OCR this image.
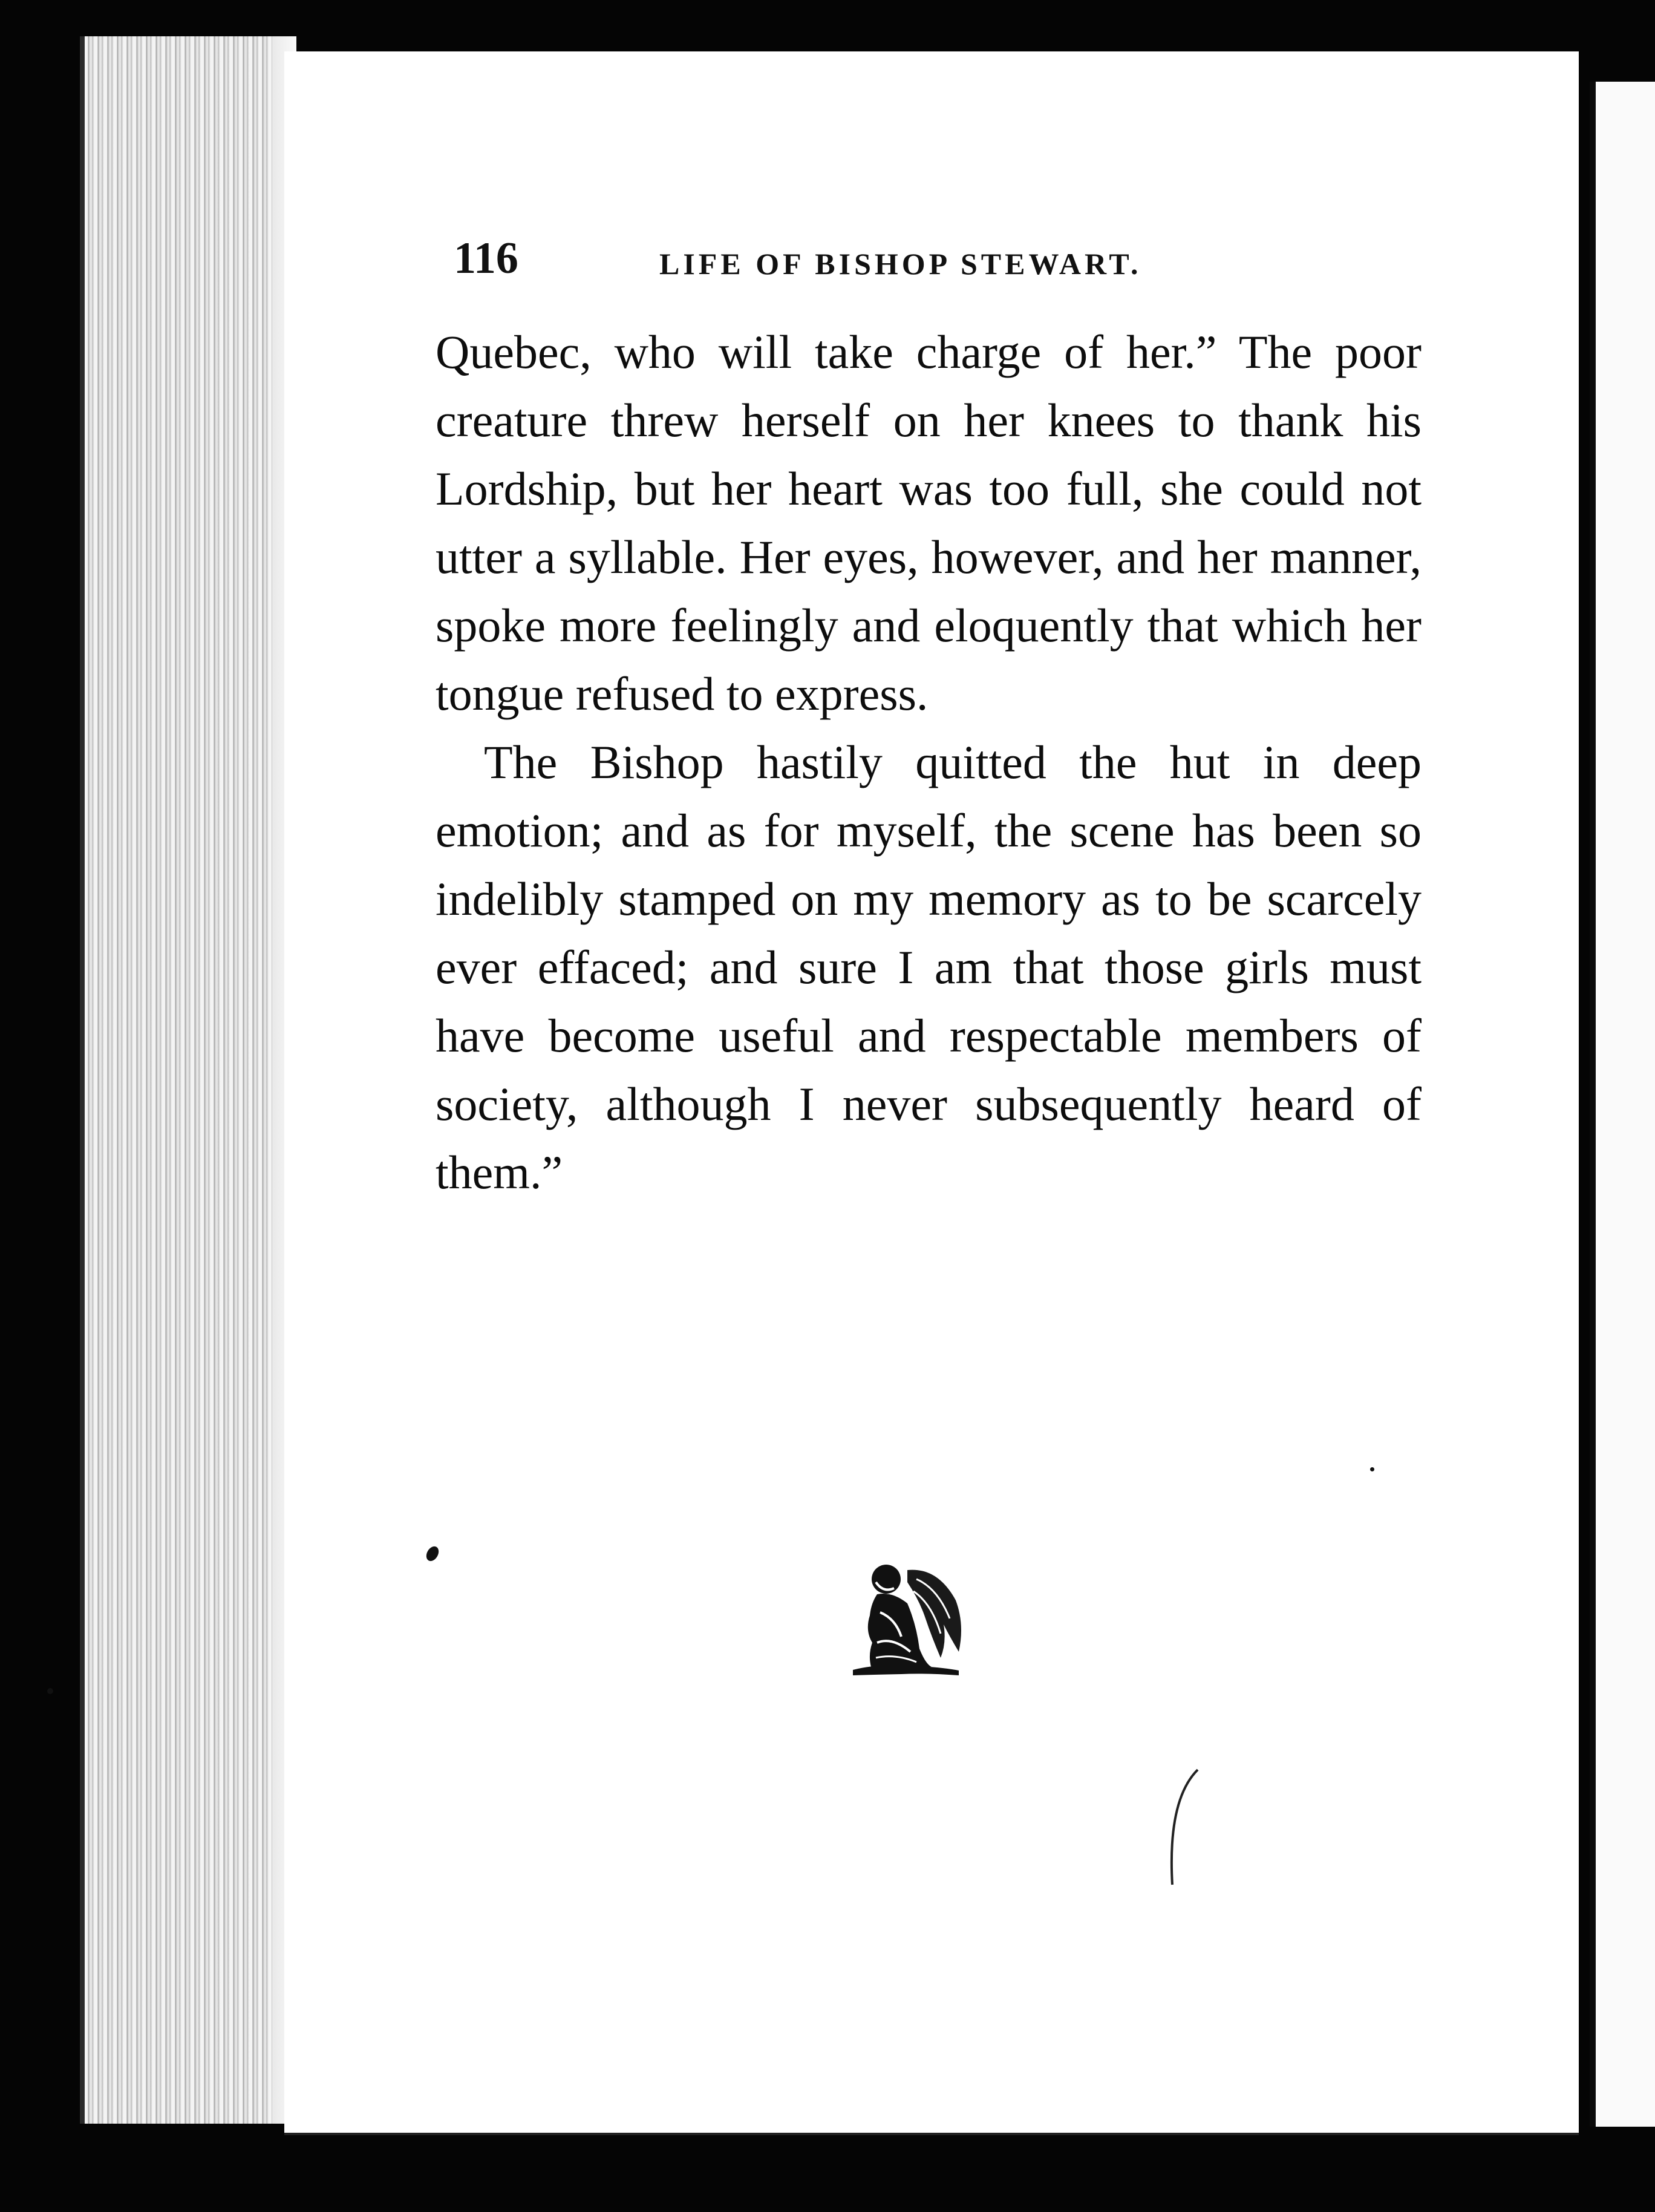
116	LIFE OF BISHOP STEWART.

Quebec, who will take charge of her.” The poor creature threw herself on her knees to thank his Lordship, but her heart was too full, she could not utter a syllable. Her eyes, however, and her manner, spoke more feelingly and eloquently that which her tongue refused to express.

The Bishop hastily quitted the hut in deep emotion; and as for myself, the scene has been so indelibly stamped on my memory as to be scarcely ever effaced; and sure I am that those girls must have become useful and respectable members of society, although I never subsequently heard of them.”
